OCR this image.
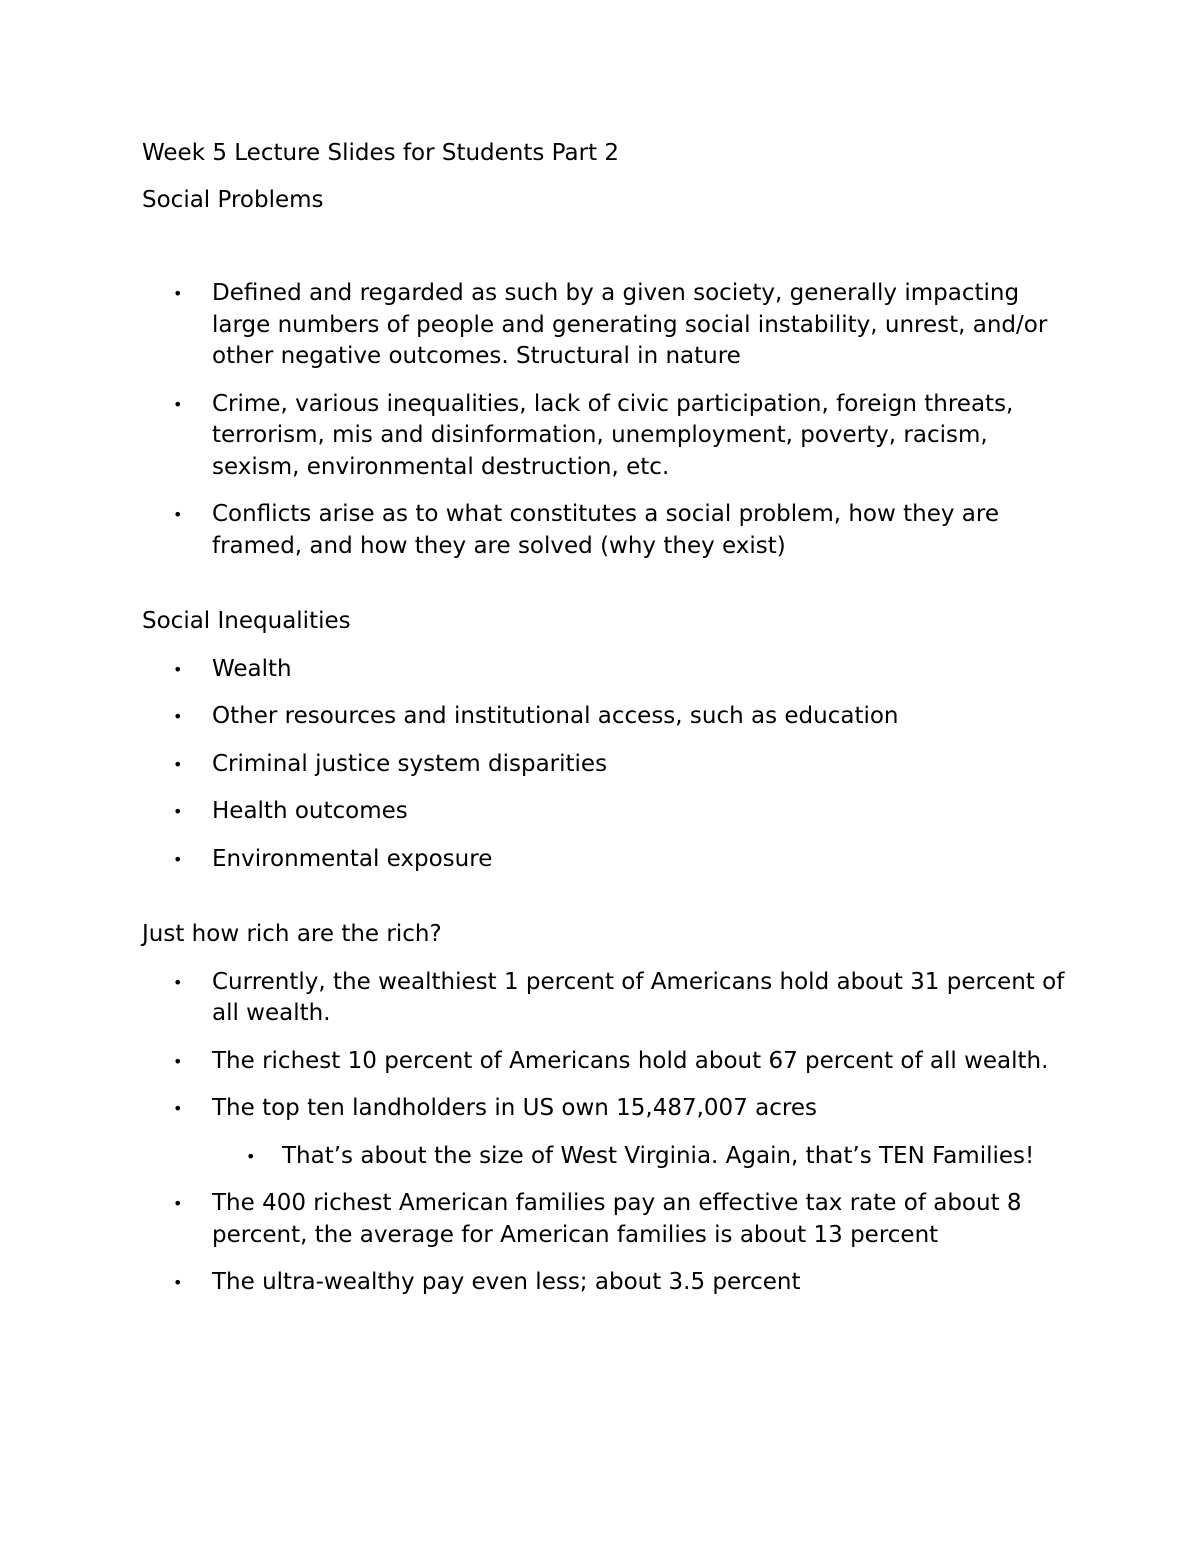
Week 5 Lecture Slides for Students Part 2
Social Problems
• Defined and regarded as such by a given society, generally impacting large numbers of people and generating social instability, unrest, and/or other negative outcomes. Structural in nature
• Crime, various inequalities, lack of civic participation, foreign threats, terrorism, mis and disinformation, unemployment, poverty, racism, sexism, environmental destruction, etc.
• Conflicts arise as to what constitutes a social problem, how they are framed, and how they are solved (why they exist)
Social Inequalities
• Wealth
• Other resources and institutional access, such as education
• Criminal justice system disparities
• Health outcomes
• Environmental exposure
Just how rich are the rich?
• Currently, the wealthiest 1 percent of Americans hold about 31 percent of all wealth.
• The richest 10 percent of Americans hold about 67 percent of all wealth.
• The top ten landholders in US own 15,487,007 acres
• That’s about the size of West Virginia. Again, that’s TEN Families!
• The 400 richest American families pay an effective tax rate of about 8 percent, the average for American families is about 13 percent
• The ultra-wealthy pay even less; about 3.5 percent
